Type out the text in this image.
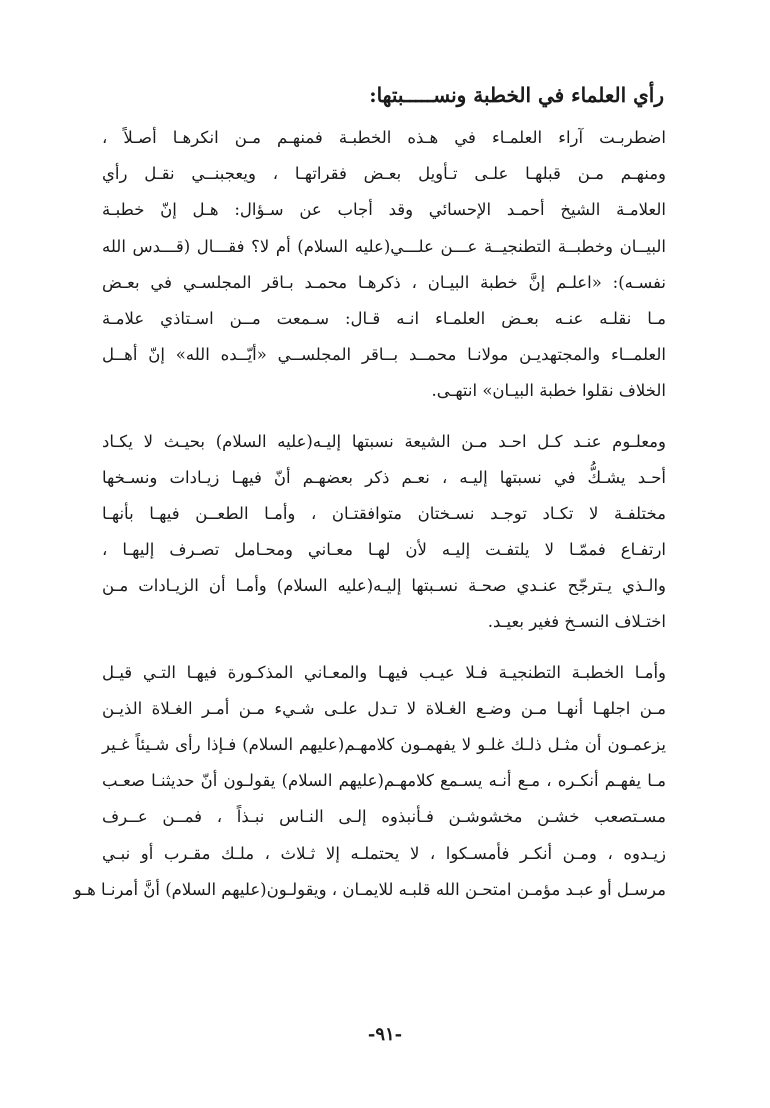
رأي العلماء في الخطبة ونســـــبتها:
اضطربـت آراء العلمـاء في هـذه الخطبـة فمنهـم مـن انكرهـا أصـلاً ،
ومنهـم مـن قبلهـا علـى تـأويل بعـض فقراتهـا ، ويعجبنــي نقـل رأي
العلامـة الشيخ أحمـد الإحسائي وقد أجاب عن سـؤال: هـل إنّ خطبـة
البيــان وخطبــة التطنجيــة عـــن علـــي(عليه السلام) أم لا؟ فقـــال (قـــدس الله
نفسـه): «اعلـم إنَّ خطبة البيـان ، ذكرهـا محمـد بـاقر المجلسـي في بعـض
مـا نقلـه عنـه بعـض العلمـاء انـه قـال: سـمعت مــن اسـتاذي علامـة
العلمــاء والمجتهديـن مولانـا محمــد بــاقر المجلســي «أيّــده الله» إنّ أهــل
الخلاف نقلوا خطبة البيـان» انتهـى.
ومعلـوم عنـد كـل احـد مـن الشيعة نسبتها إليـه(عليه السلام) بحيـث لا يكـاد
أحـد يشـكُّ في نسبتها إليـه ، نعـم ذكر بعضهـم أنّ فيهـا زيـادات ونسـخها
مختلفـة لا تكـاد توجـد نسـختان متوافقتـان ، وأمـا الطعــن فيهـا بأنهـا
ارتفـاع فممّـا لا يلتفـت إليـه لأن لهـا معـاني ومحـامل تصـرف إليهـا ،
والـذي يـترجّح عنـدي صحـة نسـبتها إليـه(عليه السلام) وأمـا أن الزيـادات مـن
اختـلاف النسـخ فغير بعيـد.
وأمـا الخطبـة التطنجيـة فـلا عيـب فيهـا والمعـاني المذكـورة فيهـا التـي قيـل
مـن اجلهـا أنهـا مـن وضـع الغـلاة لا تـدل علـى شـيء مـن أمـر الغـلاة الذيـن
يزعمـون أن مثـل ذلـك غلـو لا يفهمـون كلامهـم(عليهم السلام) فـإذا رأى شـيئاً غـير
مـا يفهـم أنكـره ، مـع أنـه يسـمع كلامهـم(عليهم السلام) يقولـون أنّ حديثنـا صعـب
مسـتصعب خشـن مخشوشـن فـأنبذوه إلـى النـاس نبـذاً ، فمــن عــرف
زيـدوه ، ومـن أنكـر فأمسـكوا ، لا يحتملـه إلا ثـلاث ، ملـك مقـرب أو نبـي
مرسـل أو عبـد مؤمـن امتحـن الله قلبـه للايمـان ، ويقولـون(عليهم السلام) أنَّ أمرنـا هـو
-٩١-
